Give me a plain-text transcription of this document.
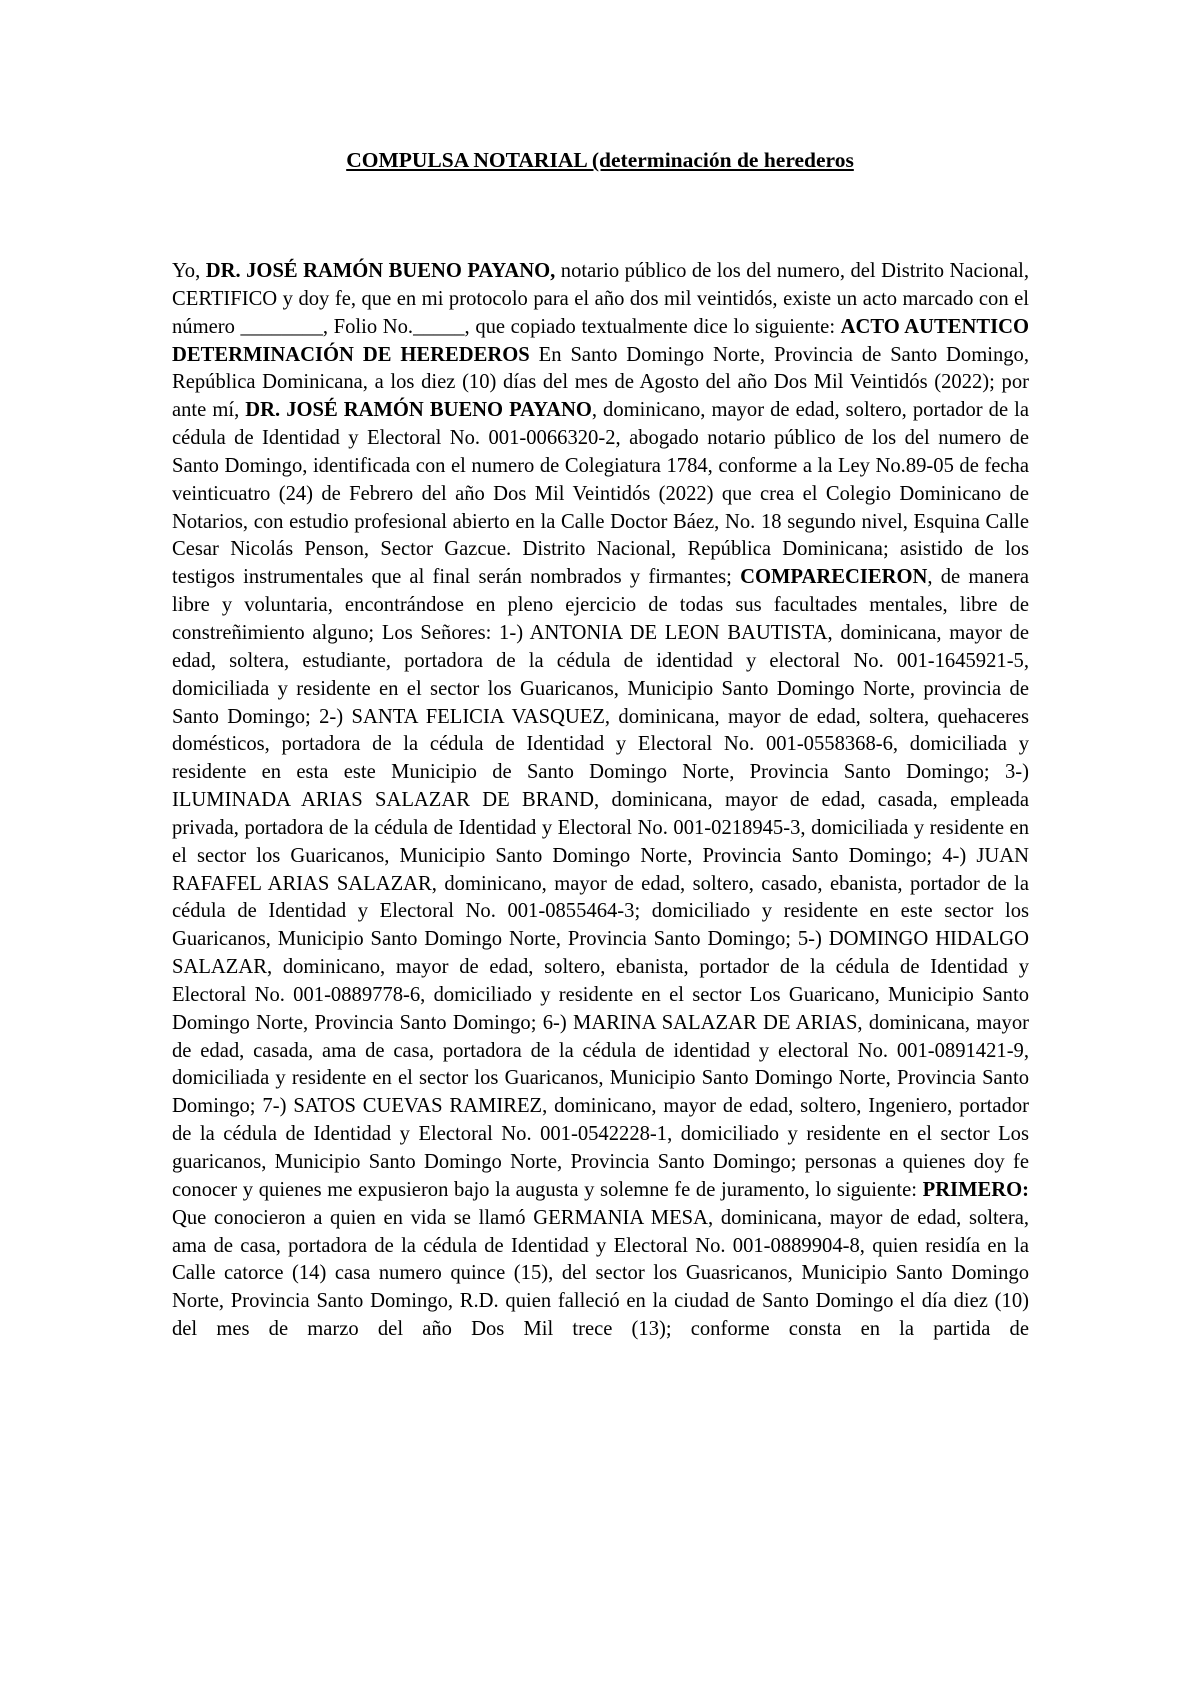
COMPULSA NOTARIAL (determinación de herederos
Yo, DR. JOSÉ RAMÓN BUENO PAYANO, notario público de los del numero, del Distrito Nacional, CERTIFICO y doy fe, que en mi protocolo para el año dos mil veintidós, existe un acto marcado con el número ________, Folio No._____, que copiado textualmente dice lo siguiente: ACTO AUTENTICO DETERMINACIÓN DE HEREDEROS En Santo Domingo Norte, Provincia de Santo Domingo, República Dominicana, a los diez (10) días del mes de Agosto del año Dos Mil Veintidós (2022); por ante mí, DR. JOSÉ RAMÓN BUENO PAYANO, dominicano, mayor de edad, soltero, portador de la cédula de Identidad y Electoral No. 001-0066320-2, abogado notario público de los del numero de Santo Domingo, identificada con el numero de Colegiatura 1784, conforme a la Ley No.89-05 de fecha veinticuatro (24) de Febrero del año Dos Mil Veintidós (2022) que crea el Colegio Dominicano de Notarios, con estudio profesional abierto en la Calle Doctor Báez, No. 18 segundo nivel, Esquina Calle Cesar Nicolás Penson, Sector Gazcue. Distrito Nacional, República Dominicana; asistido de los testigos instrumentales que al final serán nombrados y firmantes; COMPARECIERON, de manera libre y voluntaria, encontrándose en pleno ejercicio de todas sus facultades mentales, libre de constreñimiento alguno; Los Señores: 1-) ANTONIA DE LEON BAUTISTA, dominicana, mayor de edad, soltera, estudiante, portadora de la cédula de identidad y electoral No. 001-1645921-5, domiciliada y residente en el sector los Guaricanos, Municipio Santo Domingo Norte, provincia de Santo Domingo; 2-) SANTA FELICIA VASQUEZ, dominicana, mayor de edad, soltera, quehaceres domésticos, portadora de la cédula de Identidad y Electoral No. 001-0558368-6, domiciliada y residente en esta este Municipio de Santo Domingo Norte, Provincia Santo Domingo; 3-) ILUMINADA ARIAS SALAZAR DE BRAND, dominicana, mayor de edad, casada, empleada privada, portadora de la cédula de Identidad y Electoral No. 001-0218945-3, domiciliada y residente en el sector los Guaricanos, Municipio Santo Domingo Norte, Provincia Santo Domingo; 4-) JUAN RAFAFEL ARIAS SALAZAR, dominicano, mayor de edad, soltero, casado, ebanista, portador de la cédula de Identidad y Electoral No. 001-0855464-3; domiciliado y residente en este sector los Guaricanos, Municipio Santo Domingo Norte, Provincia Santo Domingo; 5-) DOMINGO HIDALGO SALAZAR, dominicano, mayor de edad, soltero, ebanista, portador de la cédula de Identidad y Electoral No. 001-0889778-6, domiciliado y residente en el sector Los Guaricano, Municipio Santo Domingo Norte, Provincia Santo Domingo; 6-) MARINA SALAZAR DE ARIAS, dominicana, mayor de edad, casada, ama de casa, portadora de la cédula de identidad y electoral No. 001-0891421-9, domiciliada y residente en el sector los Guaricanos, Municipio Santo Domingo Norte, Provincia Santo Domingo; 7-) SATOS CUEVAS RAMIREZ, dominicano, mayor de edad, soltero, Ingeniero, portador de la cédula de Identidad y Electoral No. 001-0542228-1, domiciliado y residente en el sector Los guaricanos, Municipio Santo Domingo Norte, Provincia Santo Domingo; personas a quienes doy fe conocer y quienes me expusieron bajo la augusta y solemne fe de juramento, lo siguiente: PRIMERO: Que conocieron a quien en vida se llamó GERMANIA MESA, dominicana, mayor de edad, soltera, ama de casa, portadora de la cédula de Identidad y Electoral No. 001-0889904-8, quien residía en la Calle catorce (14) casa numero quince (15), del sector los Guasricanos, Municipio Santo Domingo Norte, Provincia Santo Domingo, R.D. quien falleció en la ciudad de Santo Domingo el día diez (10) del mes de marzo del año Dos Mil trece (13); conforme consta en la partida de
